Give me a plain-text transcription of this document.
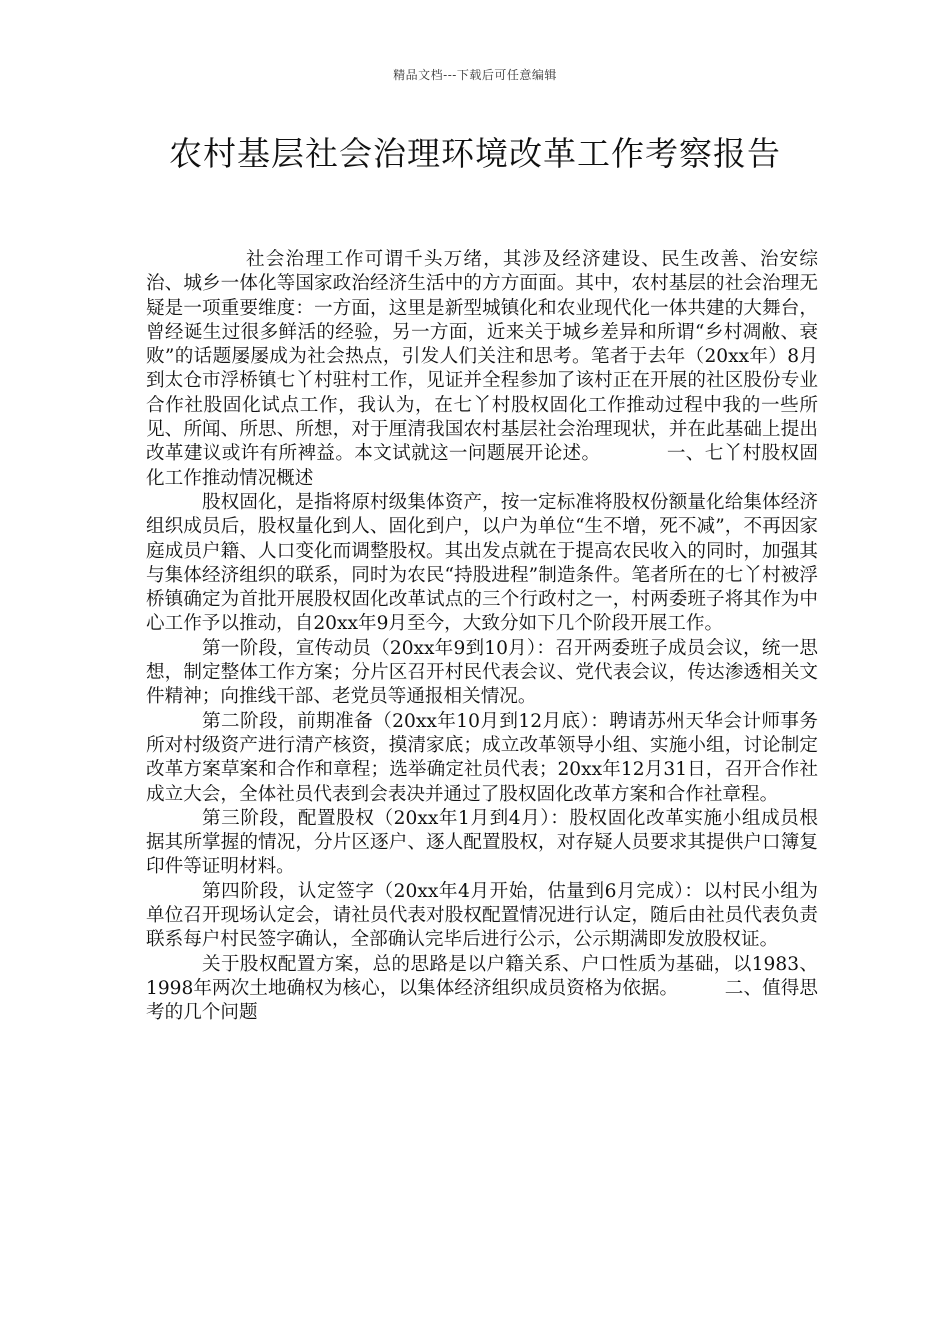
精品文档---下载后可任意编辑
农村基层社会治理环境改革工作考察报告

社会治理工作可谓千头万绪，其涉及经济建设、民生改善、治安综治、城乡一体化等国家政治经济生活中的方方面面。其中，农村基层的社会治理无疑是一项重要维度：一方面，这里是新型城镇化和农业现代化一体共建的大舞台，曾经诞生过很多鲜活的经验，另一方面，近来关于城乡差异和所谓“乡村凋敝、衰败”的话题屡屡成为社会热点，引发人们关注和思考。笔者于去年（20xx年）8月到太仓市浮桥镇七丫村驻村工作，见证并全程参加了该村正在开展的社区股份专业合作社股固化试点工作，我认为，在七丫村股权固化工作推动过程中我的一些所见、所闻、所思、所想，对于厘清我国农村基层社会治理现状，并在此基础上提出改革建议或许有所裨益。本文试就这一问题展开论述。　　　　	一、七丫村股权固化工作推动情况概述

股权固化，是指将原村级集体资产，按一定标准将股权份额量化给集体经济组织成员后，股权量化到人、固化到户，以户为单位“生不增，死不减”，不再因家庭成员户籍、人口变化而调整股权。其出发点就在于提高农民收入的同时，加强其与集体经济组织的联系，同时为农民“持股进程”制造条件。笔者所在的七丫村被浮桥镇确定为首批开展股权固化改革试点的三个行政村之一，村两委班子将其作为中心工作予以推动，自20xx年9月至今，大致分如下几个阶段开展工作。

第一阶段，宣传动员（20xx年9到10月）：召开两委班子成员会议，统一思想，制定整体工作方案；分片区召开村民代表会议、党代表会议，传达渗透相关文件精神；向推线干部、老党员等通报相关情况。

第二阶段，前期准备（20xx年10月到12月底）：聘请苏州天华会计师事务所对村级资产进行清产核资，摸清家底；成立改革领导小组、实施小组，讨论制定改革方案草案和合作和章程；选举确定社员代表；20xx年12月31日，召开合作社成立大会，全体社员代表到会表决并通过了股权固化改革方案和合作社章程。

第三阶段，配置股权（20xx年1月到4月）：股权固化改革实施小组成员根据其所掌握的情况，分片区逐户、逐人配置股权，对存疑人员要求其提供户口簿复印件等证明材料。

第四阶段，认定签字（20xx年4月开始，估量到6月完成）：以村民小组为单位召开现场认定会，请社员代表对股权配置情况进行认定，随后由社员代表负责联系每户村民签字确认，全部确认完毕后进行公示，公示期满即发放股权证。

关于股权配置方案，总的思路是以户籍关系、户口性质为基础，以1983、1998年两次土地确权为核心，以集体经济组织成员资格为依据。　　　	二、值得思考的几个问题
